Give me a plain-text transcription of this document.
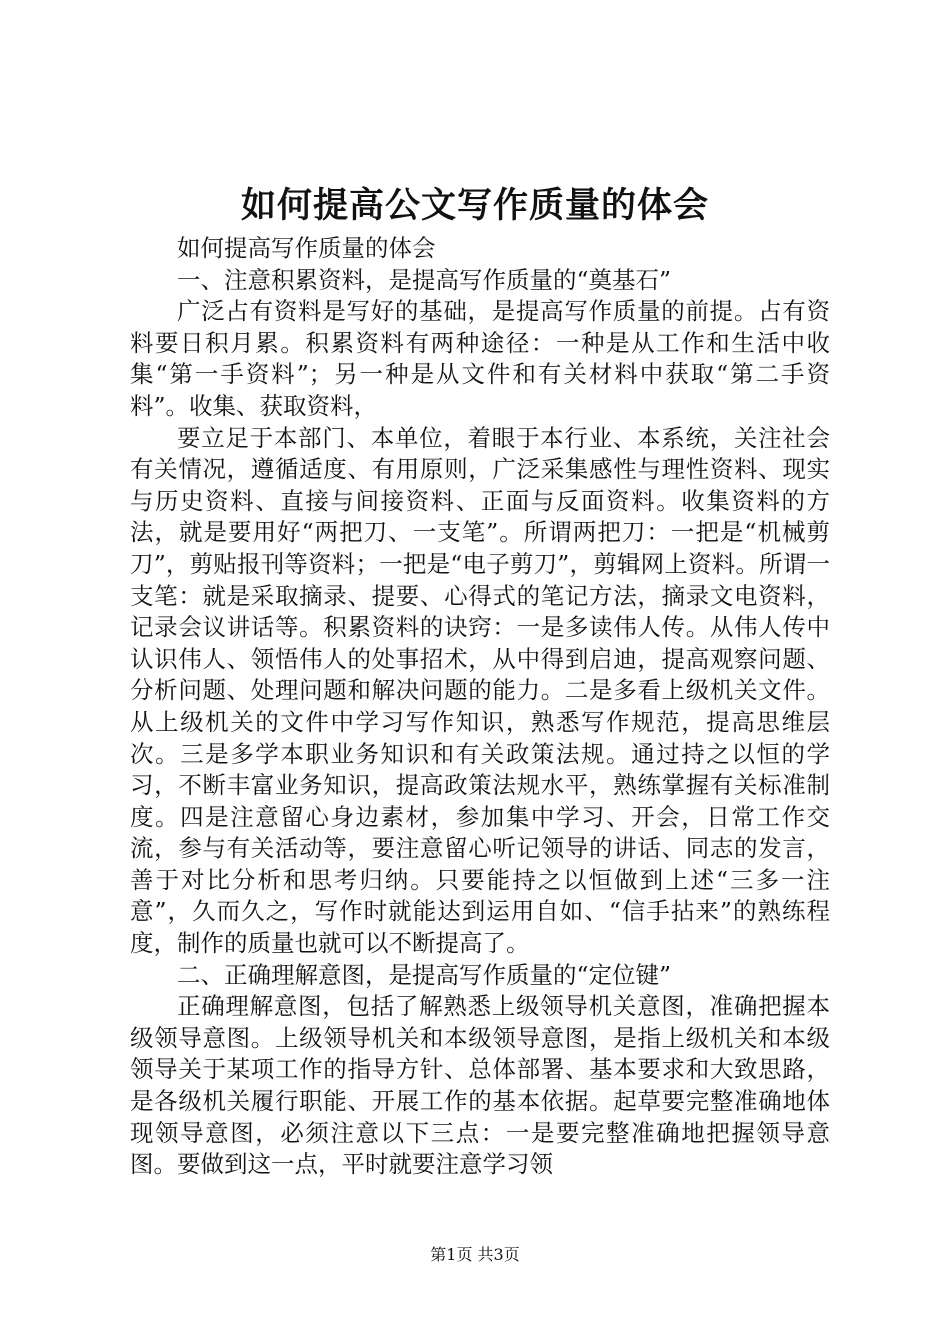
如何提高公文写作质量的体会

如何提高写作质量的体会

一、注意积累资料，是提高写作质量的“奠基石”

广泛占有资料是写好的基础，是提高写作质量的前提。占有资料要日积月累。积累资料有两种途径：一种是从工作和生活中收集“第一手资料”；另一种是从文件和有关材料中获取“第二手资料”。收集、获取资料，

要立足于本部门、本单位，着眼于本行业、本系统，关注社会有关情况，遵循适度、有用原则，广泛采集感性与理性资料、现实与历史资料、直接与间接资料、正面与反面资料。收集资料的方法，就是要用好“两把刀、一支笔”。所谓两把刀：一把是“机械剪刀”，剪贴报刊等资料；一把是“电子剪刀”，剪辑网上资料。所谓一支笔：就是采取摘录、提要、心得式的笔记方法，摘录文电资料，记录会议讲话等。积累资料的诀窍：一是多读伟人传。从伟人传中认识伟人、领悟伟人的处事招术，从中得到启迪，提高观察问题、分析问题、处理问题和解决问题的能力。二是多看上级机关文件。从上级机关的文件中学习写作知识，熟悉写作规范，提高思维层次。三是多学本职业务知识和有关政策法规。通过持之以恒的学习，不断丰富业务知识，提高政策法规水平，熟练掌握有关标准制度。四是注意留心身边素材，参加集中学习、开会，日常工作交流，参与有关活动等，要注意留心听记领导的讲话、同志的发言，善于对比分析和思考归纳。只要能持之以恒做到上述“三多一注意”，久而久之，写作时就能达到运用自如、“信手拈来”的熟练程度，制作的质量也就可以不断提高了。

二、正确理解意图，是提高写作质量的“定位键”

正确理解意图，包括了解熟悉上级领导机关意图，准确把握本级领导意图。上级领导机关和本级领导意图，是指上级机关和本级领导关于某项工作的指导方针、总体部署、基本要求和大致思路，是各级机关履行职能、开展工作的基本依据。起草要完整准确地体现领导意图，必须注意以下三点：一是要完整准确地把握领导意图。要做到这一点，平时就要注意学习领

第1页 共3页
